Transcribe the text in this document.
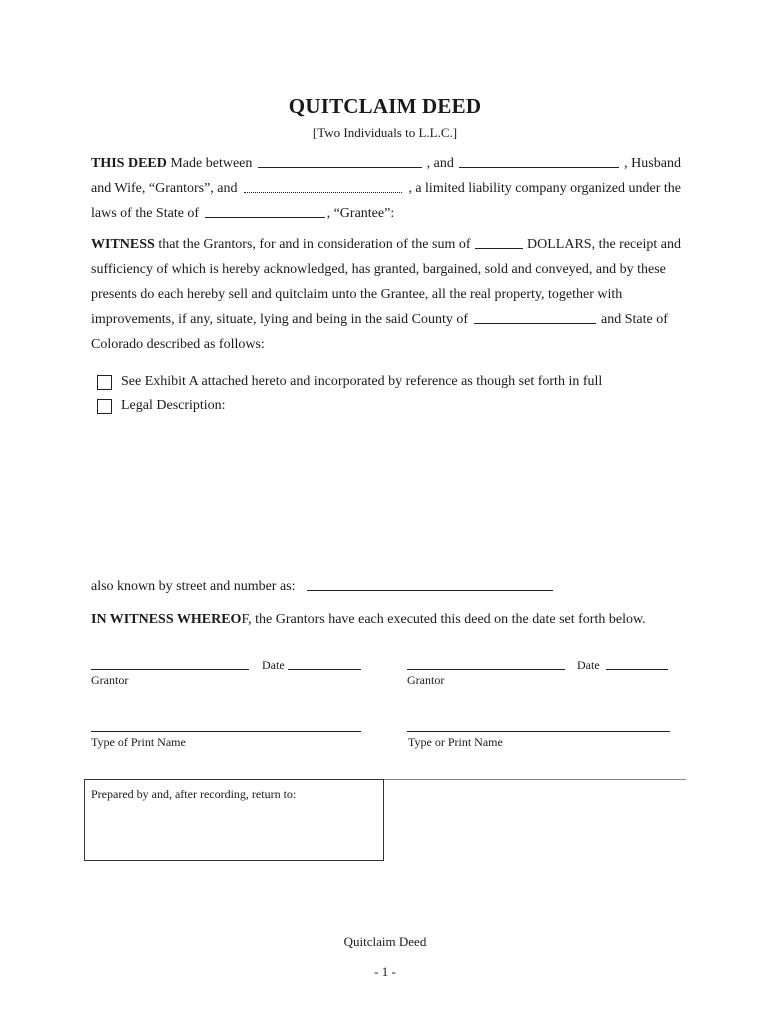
QUITCLAIM DEED
[Two Individuals to L.L.C.]
THIS DEED Made between	, and	, Husband
and Wife, “Grantors”, and	, a limited liability company organized under the
laws of the State of	, “Grantee”:
WITNESS that the Grantors, for and in consideration of the sum of	DOLLARS, the receipt and
sufficiency of which is hereby acknowledged, has granted, bargained, sold and conveyed, and by these
presents do each hereby sell and quitclaim unto the Grantee, all the real property, together with
improvements, if any, situate, lying and being in the said County of	and State of
Colorado described as follows:
See Exhibit A attached hereto and incorporated by reference as though set forth in full
Legal Description:
also known by street and number as:
IN WITNESS WHEREOF, the Grantors have each executed this deed on the date set forth below.
Date
Grantor
Date
Grantor
Type of Print Name	Type or Print Name
Prepared by and, after recording, return to:
Quitclaim Deed
- 1 -
